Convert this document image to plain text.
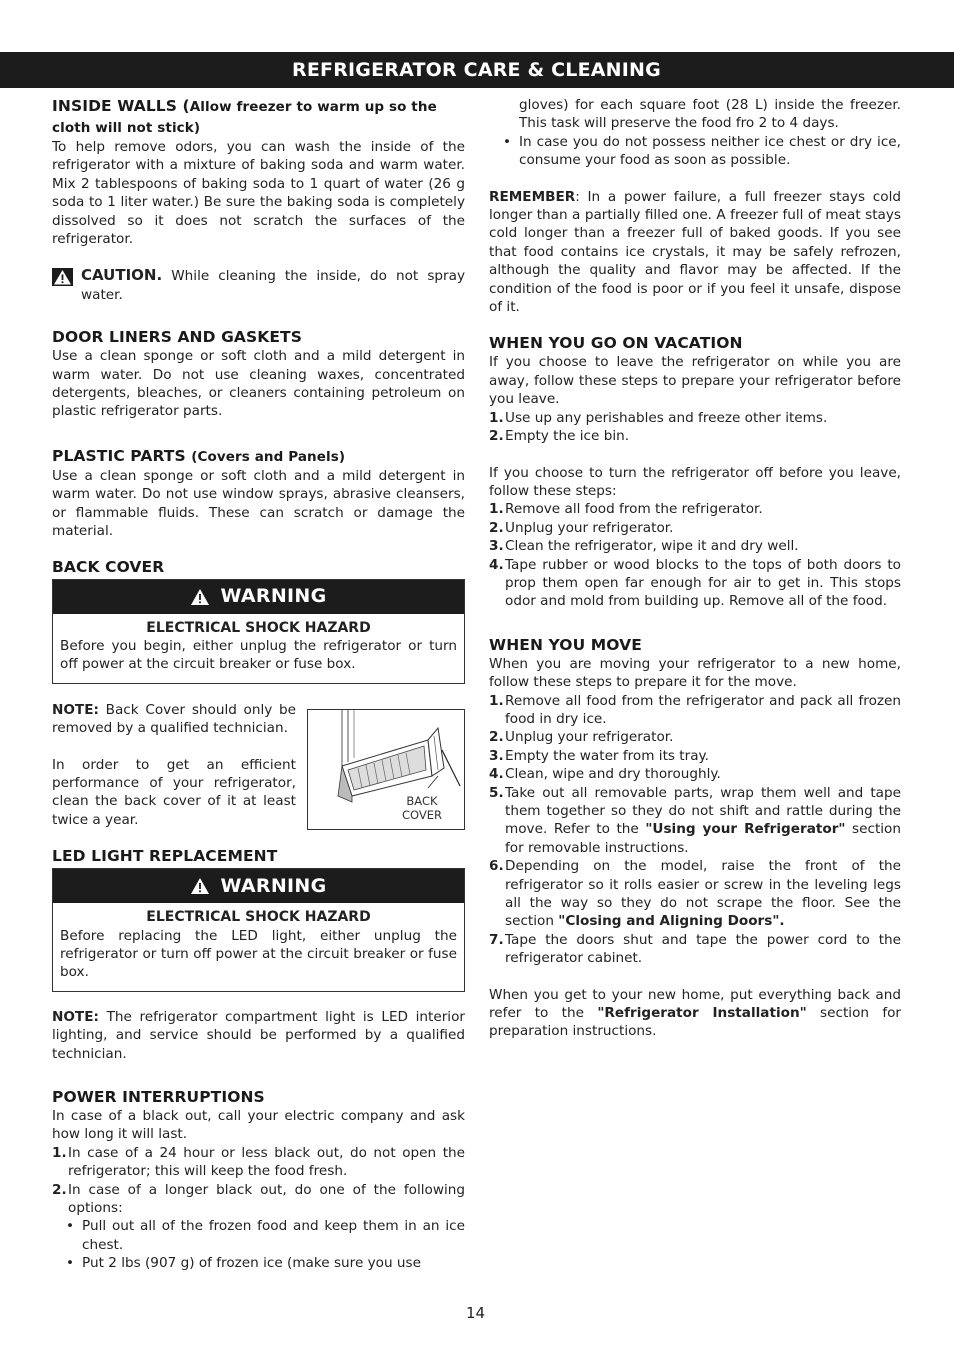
REFRIGERATOR CARE & CLEANING
INSIDE WALLS (Allow freezer to warm up so the cloth will not stick)

To help remove odors, you can wash the inside of the refrigerator with a mixture of baking soda and warm water. Mix 2 tablespoons of baking soda to 1 quart of water (26 g soda to 1 liter water.) Be sure the baking soda is completely dissolved so it does not scratch the surfaces of the refrigerator.

CAUTION. While cleaning the inside, do not spray water.

DOOR LINERS AND GASKETS

Use a clean sponge or soft cloth and a mild detergent in warm water. Do not use cleaning waxes, concentrated detergents, bleaches, or cleaners containing petroleum on plastic refrigerator parts.

PLASTIC PARTS (Covers and Panels)

Use a clean sponge or soft cloth and a mild detergent in warm water. Do not use window sprays, abrasive cleansers, or flammable fluids. These can scratch or damage the material.

BACK COVER
WARNING
ELECTRICAL SHOCK HAZARD

Before you begin, either unplug the refrigerator or turn off power at the circuit breaker or fuse box.

NOTE: Back Cover should only be removed by a qualified technician.

In order to get an efficient performance of your refrigerator, clean the back cover of it at least twice a year.

BACK
COVER
LED LIGHT REPLACEMENT
WARNING
ELECTRICAL SHOCK HAZARD

Before replacing the LED light, either unplug the refrigerator or turn off power at the circuit breaker or fuse box.

NOTE: The refrigerator compartment light is LED interior lighting, and service should be performed by a qualified technician.

POWER INTERRUPTIONS

In case of a black out, call your electric company and ask how long it will last.

1. In case of a 24 hour or less black out, do not open the refrigerator; this will keep the food fresh.
2. In case of a longer black out, do one of the following options:
• Pull out all of the frozen food and keep them in an ice chest.
• Put 2 lbs (907 g) of frozen ice (make sure you use
gloves) for each square foot (28 L) inside the freezer. This task will preserve the food fro 2 to 4 days.
• In case you do not possess neither ice chest or dry ice, consume your food as soon as possible.

REMEMBER: In a power failure, a full freezer stays cold longer than a partially filled one. A freezer full of meat stays cold longer than a freezer full of baked goods. If you see that food contains ice crystals, it may be safely refrozen, although the quality and flavor may be affected. If the condition of the food is poor or if you feel it unsafe, dispose of it.

WHEN YOU GO ON VACATION

If you choose to leave the refrigerator on while you are away, follow these steps to prepare your refrigerator before you leave.

1. Use up any perishables and freeze other items.
2. Empty the ice bin.

If you choose to turn the refrigerator off before you leave, follow these steps:

1. Remove all food from the refrigerator.
2. Unplug your refrigerator.
3. Clean the refrigerator, wipe it and dry well.
4. Tape rubber or wood blocks to the tops of both doors to prop them open far enough for air to get in. This stops odor and mold from building up. Remove all of the food.
WHEN YOU MOVE

When you are moving your refrigerator to a new home, follow these steps to prepare it for the move.

1. Remove all food from the refrigerator and pack all frozen food in dry ice.
2. Unplug your refrigerator.
3. Empty the water from its tray.
4. Clean, wipe and dry thoroughly.
5. Take out all removable parts, wrap them well and tape them together so they do not shift and rattle during the move. Refer to the "Using your Refrigerator" section for removable instructions.
6. Depending on the model, raise the front of the refrigerator so it rolls easier or screw in the leveling legs all the way so they do not scrape the floor. See the section "Closing and Aligning Doors".
7. Tape the doors shut and tape the power cord to the refrigerator cabinet.

When you get to your new home, put everything back and refer to the "Refrigerator Installation" section for preparation instructions.

14
